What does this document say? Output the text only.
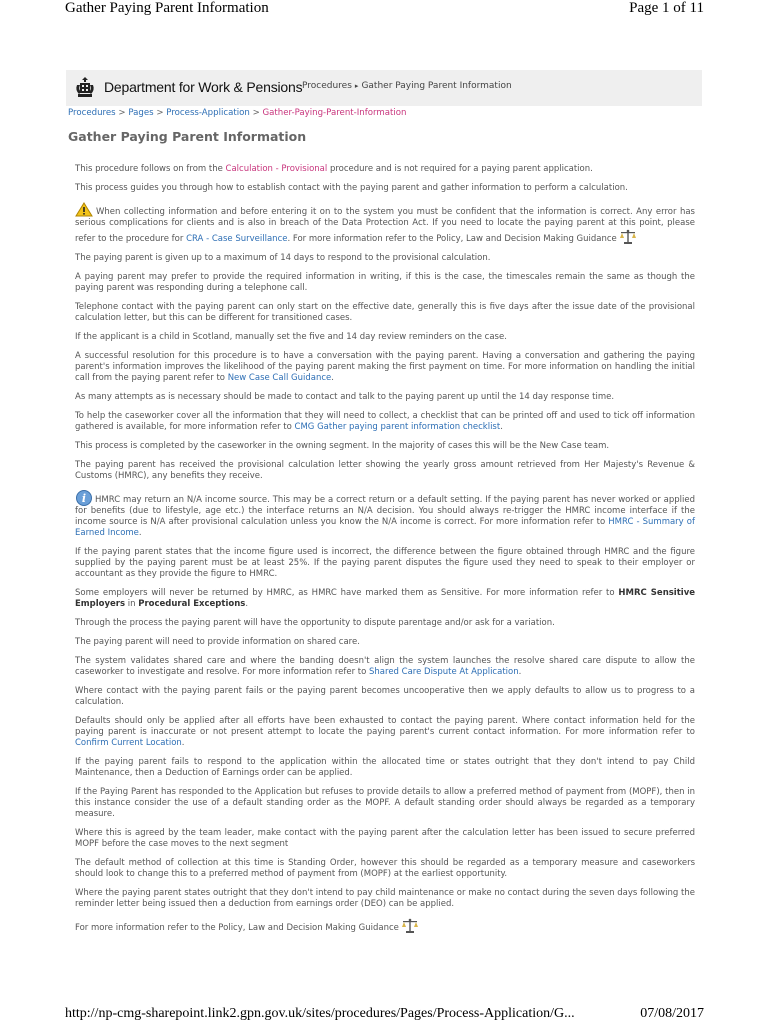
Gather Paying Parent Information	Page 1 of 11
Department for Work & Pensions Procedures ▸ Gather Paying Parent Information
Procedures > Pages > Process-Application > Gather-Paying-Parent-Information
Gather Paying Parent Information

This procedure follows on from the Calculation - Provisional procedure and is not required for a paying parent application.

This process guides you through how to establish contact with the paying parent and gather information to perform a calculation.

When collecting information and before entering it on to the system you must be confident that the information is correct. Any error has serious complications for clients and is also in breach of the Data Protection Act. If you need to locate the paying parent at this point, please refer to the procedure for CRA - Case Surveillance. For more information refer to the Policy, Law and Decision Making Guidance

The paying parent is given up to a maximum of 14 days to respond to the provisional calculation.

A paying parent may prefer to provide the required information in writing, if this is the case, the timescales remain the same as though the paying parent was responding during a telephone call.

Telephone contact with the paying parent can only start on the effective date, generally this is five days after the issue date of the provisional calculation letter, but this can be different for transitioned cases.

If the applicant is a child in Scotland, manually set the five and 14 day review reminders on the case.

A successful resolution for this procedure is to have a conversation with the paying parent. Having a conversation and gathering the paying parent's information improves the likelihood of the paying parent making the first payment on time. For more information on handling the initial call from the paying parent refer to New Case Call Guidance.

As many attempts as is necessary should be made to contact and talk to the paying parent up until the 14 day response time.

To help the caseworker cover all the information that they will need to collect, a checklist that can be printed off and used to tick off information gathered is available, for more information refer to CMG Gather paying parent information checklist.

This process is completed by the caseworker in the owning segment. In the majority of cases this will be the New Case team.

The paying parent has received the provisional calculation letter showing the yearly gross amount retrieved from Her Majesty's Revenue & Customs (HMRC), any benefits they receive.

i HMRC may return an N/A income source. This may be a correct return or a default setting. If the paying parent has never worked or applied for benefits (due to lifestyle, age etc.) the interface returns an N/A decision. You should always re-trigger the HMRC income interface if the income source is N/A after provisional calculation unless you know the N/A income is correct. For more information refer to HMRC - Summary of Earned Income.

If the paying parent states that the income figure used is incorrect, the difference between the figure obtained through HMRC and the figure supplied by the paying parent must be at least 25%. If the paying parent disputes the figure used they need to speak to their employer or accountant as they provide the figure to HMRC.

Some employers will never be returned by HMRC, as HMRC have marked them as Sensitive. For more information refer to HMRC Sensitive Employers in Procedural Exceptions.

Through the process the paying parent will have the opportunity to dispute parentage and/or ask for a variation.

The paying parent will need to provide information on shared care.

The system validates shared care and where the banding doesn't align the system launches the resolve shared care dispute to allow the caseworker to investigate and resolve. For more information refer to Shared Care Dispute At Application.

Where contact with the paying parent fails or the paying parent becomes uncooperative then we apply defaults to allow us to progress to a calculation.

Defaults should only be applied after all efforts have been exhausted to contact the paying parent. Where contact information held for the paying parent is inaccurate or not present attempt to locate the paying parent's current contact information. For more information refer to Confirm Current Location.

If the paying parent fails to respond to the application within the allocated time or states outright that they don't intend to pay Child Maintenance, then a Deduction of Earnings order can be applied.

If the Paying Parent has responded to the Application but refuses to provide details to allow a preferred method of payment from (MOPF), then in this instance consider the use of a default standing order as the MOPF. A default standing order should always be regarded as a temporary measure.

Where this is agreed by the team leader, make contact with the paying parent after the calculation letter has been issued to secure preferred MOPF before the case moves to the next segment

The default method of collection at this time is Standing Order, however this should be regarded as a temporary measure and caseworkers should look to change this to a preferred method of payment from (MOPF) at the earliest opportunity.

Where the paying parent states outright that they don't intend to pay child maintenance or make no contact during the seven days following the reminder letter being issued then a deduction from earnings order (DEO) can be applied.

For more information refer to the Policy, Law and Decision Making Guidance

http://np-cmg-sharepoint.link2.gpn.gov.uk/sites/procedures/Pages/Process-Application/G...	07/08/2017
